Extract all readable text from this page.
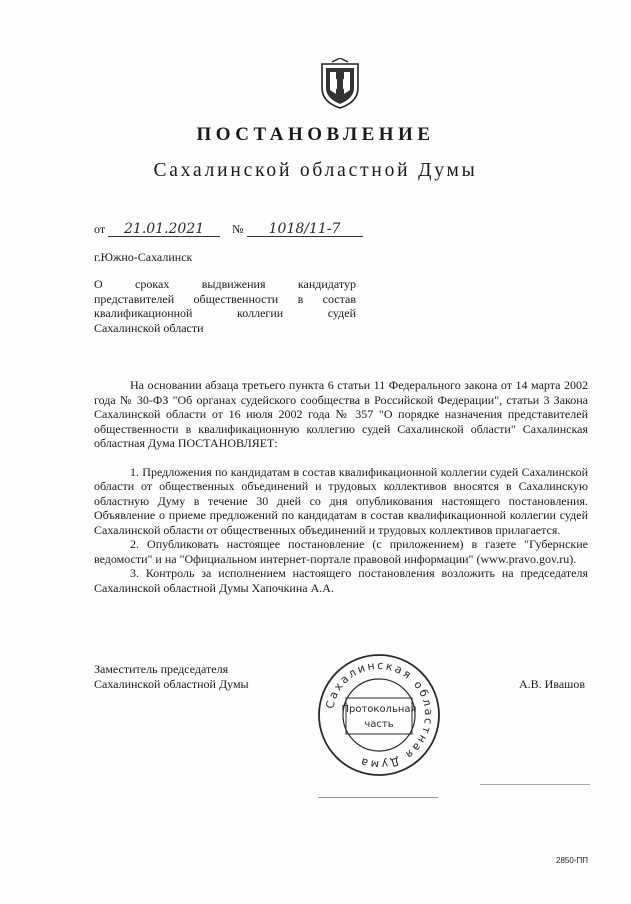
ПОСТАНОВЛЕНИЕ
Сахалинской областной Думы
от 21.01.2021 № 1018/11-7
г.Южно-Сахалинск
О сроках выдвижения кандидатур
представителей общественности в состав
квалификационной коллегии судей
Сахалинской области

На основании абзаца третьего пункта 6 статьи 11 Федерального закона от 14 марта 2002 года № 30-ФЗ "Об органах судейского сообщества в Российской Федерации", статьи 3 Закона Сахалинской области от 16 июля 2002 года № 357 "О порядке назначения представителей общественности в квалификационную коллегию судей Сахалинской области" Сахалинская областная Дума ПОСТАНОВЛЯЕТ:

1. Предложения по кандидатам в состав квалификационной коллегии судей Сахалинской области от общественных объединений и трудовых коллективов вносятся в Сахалинскую областную Думу в течение 30 дней со дня опубликования настоящего постановления. Объявление о приеме предложений по кандидатам в состав квалификационной коллегии судей Сахалинской области от общественных объединений и трудовых коллективов прилагается.

2. Опубликовать настоящее постановление (с приложением) в газете "Губернские ведомости" и на "Официальном интернет-портале правовой информации" (www.pravo.gov.ru).

3. Контроль за исполнением настоящего постановления возложить на председателя Сахалинской областной Думы Хапочкина А.А.

Заместитель председателя
Сахалинской областной Думы	А.В. Ивашов
Сахалинская областная Дума
Протокольная
часть
2850-ПП
